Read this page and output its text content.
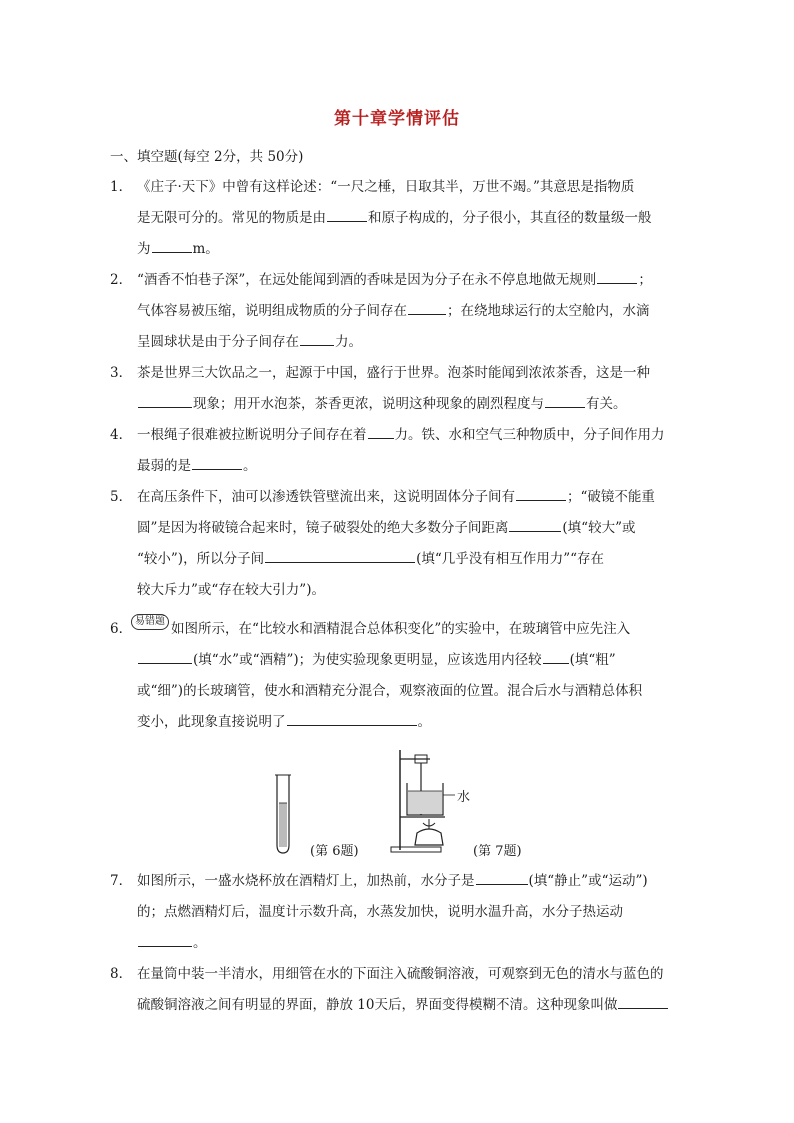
第十章学情评估
一、填空题(每空 2分，共 50分)
1． 《庄子·天下》中曾有这样论述：“一尺之棰，日取其半，万世不竭。”其意思是指物质
是无限可分的。常见的物质是由	和原子构成的，分子很小，其直径的数量级一般
为	m。
2． “酒香不怕巷子深”，在远处能闻到酒的香味是因为分子在永不停息地做无规则	；
气体容易被压缩，说明组成物质的分子间存在	；在绕地球运行的太空舱内，水滴
呈圆球状是由于分子间存在	力。
3． 茶是世界三大饮品之一，起源于中国，盛行于世界。泡茶时能闻到浓浓茶香，这是一种
现象；用开水泡茶，茶香更浓，说明这种现象的剧烈程度与	有关。
4． 一根绳子很难被拉断说明分子间存在着 力。铁、水和空气三种物质中，分子间作用力
最弱的是	。
5． 在高压条件下，油可以渗透铁管壁流出来，这说明固体分子间有	；“破镜不能重
圆”是因为将破镜合起来时，镜子破裂处的绝大多数分子间距离	(填“较大”或
“较小”)，所以分子间	(填“几乎没有相互作用力”“存在
较大斥力”或“存在较大引力”)。
易错题
6．	如图所示，在“比较水和酒精混合总体积变化”的实验中，在玻璃管中应先注入
(填“水”或“酒精”)；为使实验现象更明显，应该选用内径较 (填“粗”
或“细”)的长玻璃管，使水和酒精充分混合，观察液面的位置。混合后水与酒精总体积
变小，此现象直接说明了	。
(第 6题)	(第 7题)
水
7． 如图所示，一盛水烧杯放在酒精灯上，加热前，水分子是	(填“静止”或“运动”)
的；点燃酒精灯后，温度计示数升高，水蒸发加快，说明水温升高，水分子热运动
。
8． 在量筒中装一半清水，用细管在水的下面注入硫酸铜溶液，可观察到无色的清水与蓝色的
硫酸铜溶液之间有明显的界面，静放 10天后，界面变得模糊不清。这种现象叫做
